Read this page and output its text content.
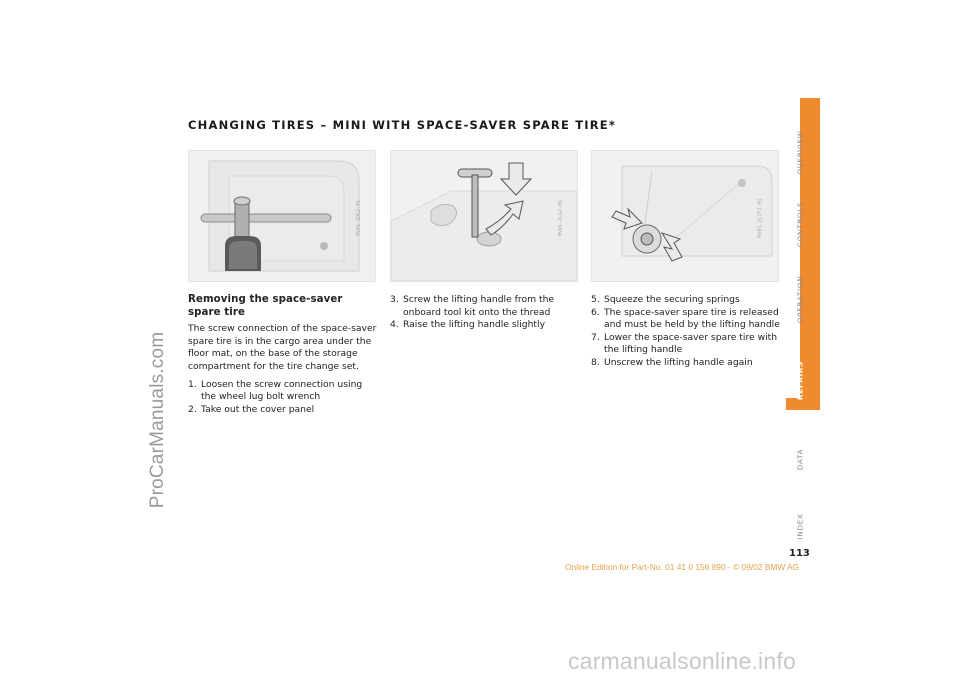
ProCarManuals.com
CHANGING TIRES – MINI WITH SPACE-SAVER SPARE TIRE*
MV01-2DGJ.M1	MV01-2LGJ.M1	MV01-2LTFJ.M1
Removing the space-saver spare tire
The screw connection of the space-saver spare tire is in the cargo area under the floor mat, on the base of the storage compartment for the tire change set.
1. Loosen the screw connection using the wheel lug bolt wrench
2. Take out the cover panel
3. Screw the lifting handle from the onboard tool kit onto the thread
4. Raise the lifting handle slightly
5. Squeeze the securing springs
6. The space-saver spare tire is released and must be held by the lifting handle
7. Lower the space-saver spare tire with the lifting handle
8. Unscrew the lifting handle again
OVERVIEW
CONTROLS
OPERATION
REPAIRS
DATA
INDEX
113
Online Edition for Part-No. 01 41 0 156 890 - © 09/02 BMW AG
carmanualsonline.info
